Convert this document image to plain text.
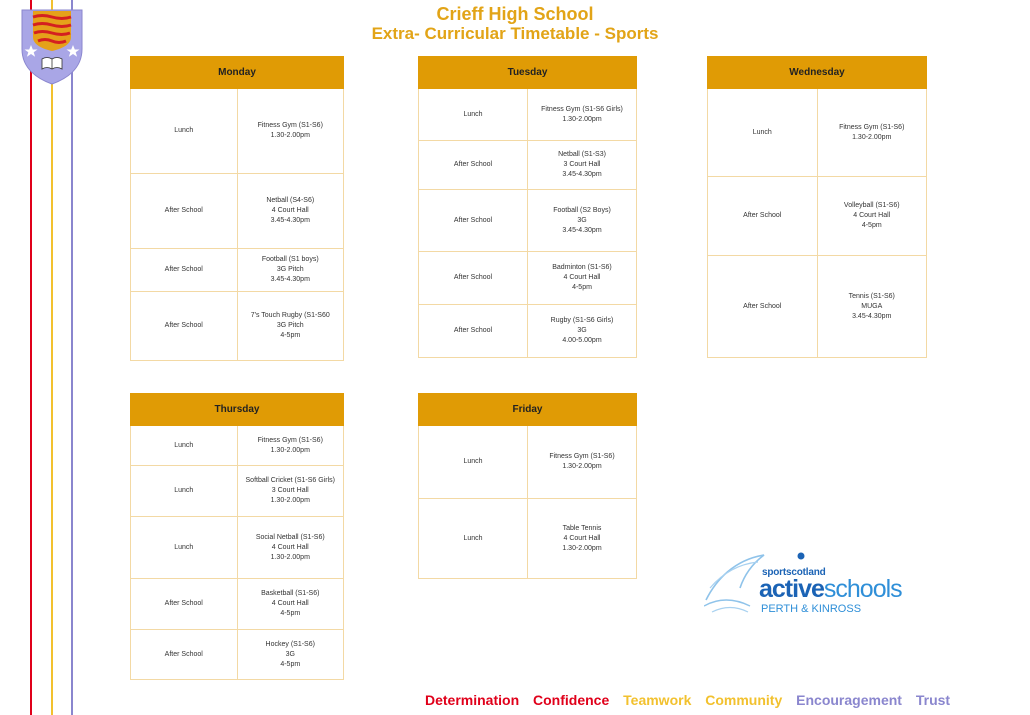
Crieff High School
Extra- Curricular Timetable - Sports
Monday	
Lunch	Fitness Gym (S1-S6)
1.30-2.00pm

After School	Netball (S4-S6)
4 Court Hall
3.45-4.30pm

After School	Football (S1 boys)
3G Pitch
3.45-4.30pm

After School	7's Touch Rugby (S1-S60
3G Pitch
4-5pm
Tuesday	
Lunch	Fitness Gym (S1-S6 Girls)
1.30-2.00pm

After School	Netball (S1-S3)
3 Court Hall
3.45-4.30pm

After School	Football (S2 Boys)
3G
3.45-4.30pm

After School	Badminton (S1-S6)
4 Court Hall
4-5pm

After School	Rugby (S1-S6 Girls)
3G
4.00-5.00pm
Wednesday	
Lunch	Fitness Gym (S1-S6)
1.30-2.00pm

After School	Volleyball (S1-S6)
4 Court Hall
4-5pm

After School	Tennis (S1-S6)
MUGA
3.45-4.30pm
Thursday	
Lunch	Fitness Gym (S1-S6)
1.30-2.00pm

Lunch	Softball Cricket (S1-S6 Girls)
3 Court Hall
1.30-2.00pm

Lunch	Social Netball (S1-S6)
4 Court Hall
1.30-2.00pm

After School	Basketball (S1-S6)
4 Court Hall
4-5pm

After School	Hockey (S1-S6)
3G
4-5pm
Friday	
Lunch	Fitness Gym (S1-S6)
1.30-2.00pm

Lunch	Table Tennis
4 Court Hall
1.30-2.00pm
sportscotland
activeschools
PERTH & KINROSS
Determination Confidence Teamwork Community Encouragement Trust
